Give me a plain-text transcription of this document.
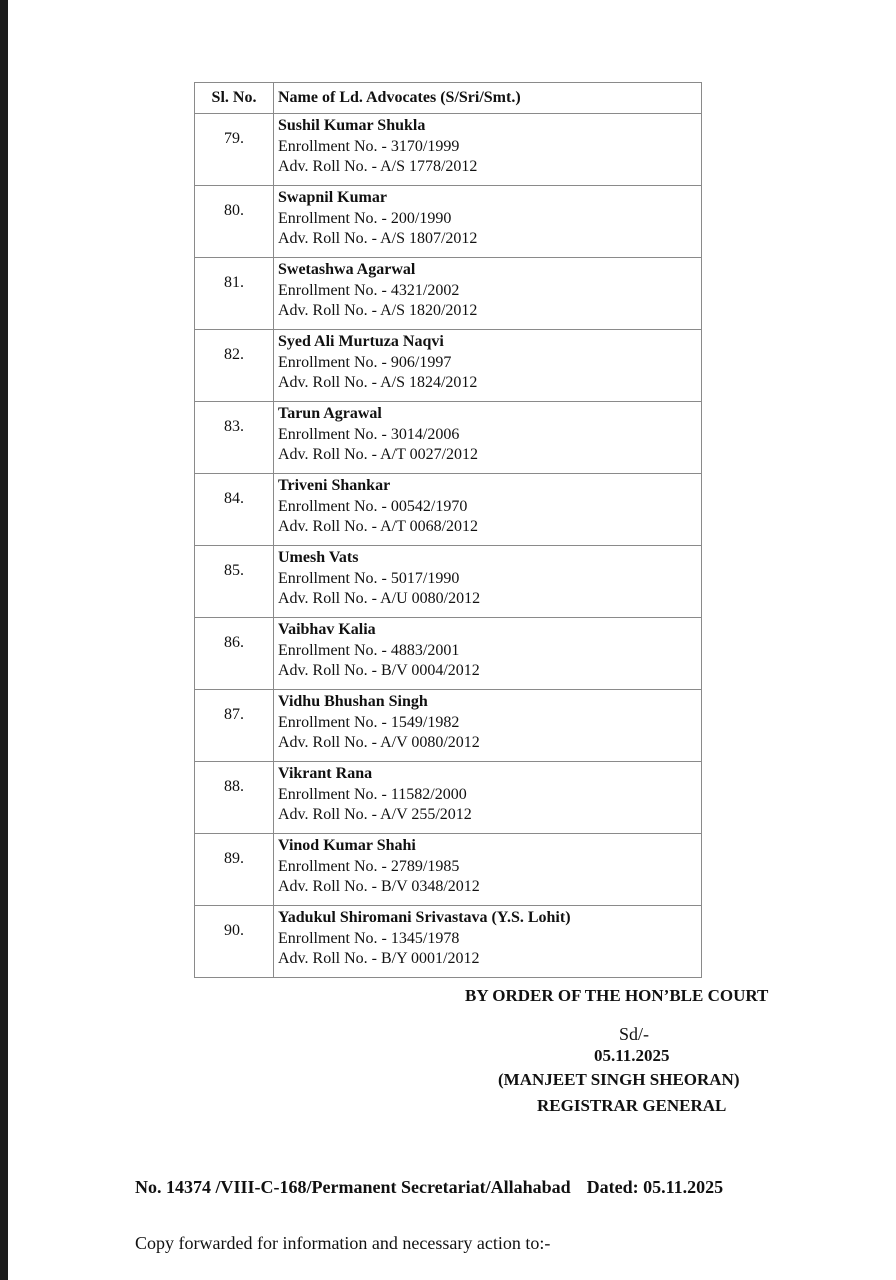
Sl. No.	Name of Ld. Advocates (S/Sri/Smt.)
79.	Sushil Kumar Shukla
Enrollment No. - 3170/1999
Adv. Roll No. - A/S 1778/2012

80.	Swapnil Kumar
Enrollment No. - 200/1990
Adv. Roll No. - A/S 1807/2012

81.	Swetashwa Agarwal
Enrollment No. - 4321/2002
Adv. Roll No. - A/S 1820/2012

82.	Syed Ali Murtuza Naqvi
Enrollment No. - 906/1997
Adv. Roll No. - A/S 1824/2012

83.	Tarun Agrawal
Enrollment No. - 3014/2006
Adv. Roll No. - A/T 0027/2012

84.	Triveni Shankar
Enrollment No. - 00542/1970
Adv. Roll No. - A/T 0068/2012

85.	Umesh Vats
Enrollment No. - 5017/1990
Adv. Roll No. - A/U 0080/2012

86.	Vaibhav Kalia
Enrollment No. - 4883/2001
Adv. Roll No. - B/V 0004/2012

87.	Vidhu Bhushan Singh
Enrollment No. - 1549/1982
Adv. Roll No. - A/V 0080/2012

88.	Vikrant Rana
Enrollment No. - 11582/2000
Adv. Roll No. - A/V 255/2012

89.	Vinod Kumar Shahi
Enrollment No. - 2789/1985
Adv. Roll No. - B/V 0348/2012

90.	Yadukul Shiromani Srivastava (Y.S. Lohit)
Enrollment No. - 1345/1978
Adv. Roll No. - B/Y 0001/2012
BY ORDER OF THE HON’BLE COURT
Sd/-
05.11.2025
(MANJEET SINGH SHEORAN)
REGISTRAR GENERAL
No. 14374 /VIII-C-168/Permanent Secretariat/Allahabad Dated: 05.11.2025
Copy forwarded for information and necessary action to:-
